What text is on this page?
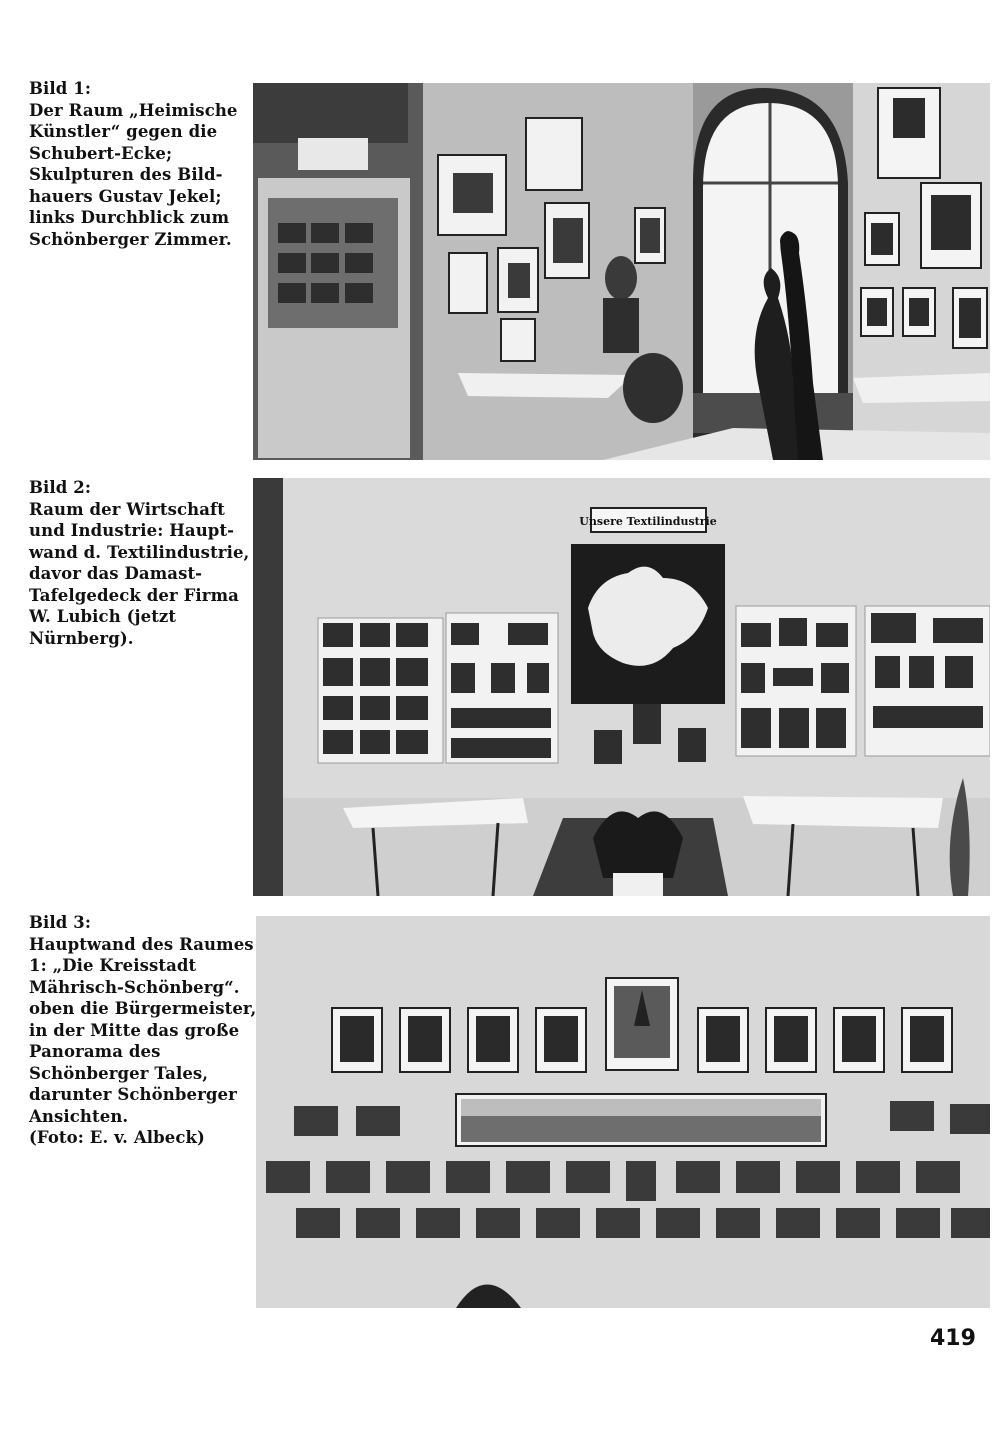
Bild 1:
Der Raum „Heimische
Künstler“ gegen die
Schubert-Ecke;
Skulpturen des Bild-
hauers Gustav Jekel;
links Durchblick zum
Schönberger Zimmer.
Bild 2:
Raum der Wirtschaft
und Industrie: Haupt-
wand d. Textilindustrie,
davor das Damast-
Tafelgedeck der Firma
W. Lubich (jetzt
Nürnberg).
Bild 3:
Hauptwand des Raumes
1: „Die Kreisstadt
Mährisch-Schönberg“.
oben die Bürgermeister,
in der Mitte das große
Panorama des
Schönberger Tales,
darunter Schönberger
Ansichten.
(Foto: E. v. Albeck)
Unsere Textilindustrie
419
